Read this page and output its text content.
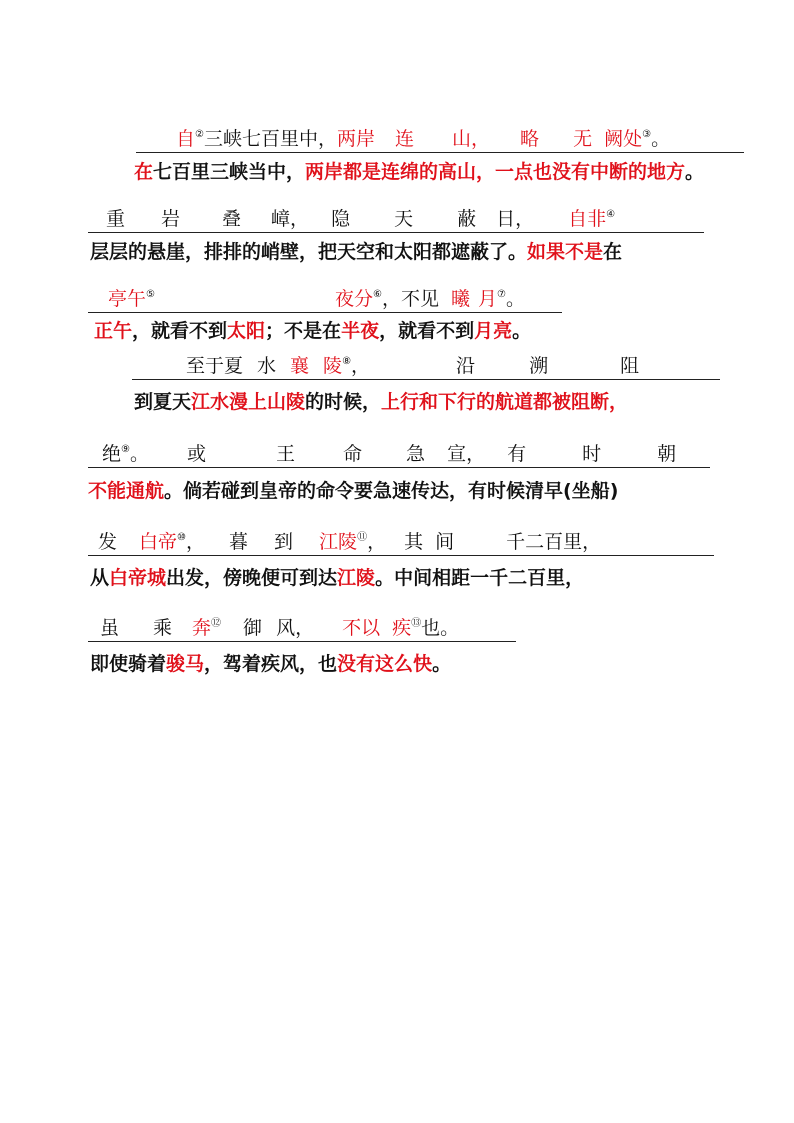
自②三峡七百里中，两岸 连 山， 略 无 阙处③。
在七百里三峡当中，两岸都是连绵的高山，一点也没有中断的地方。
重 岩 叠 嶂， 隐 天 蔽 日， 自非④
层层的悬崖，排排的峭壁，把天空和太阳都遮蔽了。如果不是在
亭午⑤	夜分⑥，不见 曦 月⑦。
正午，就看不到太阳；不是在半夜，就看不到月亮。
至于夏 水 襄 陵⑧，	沿	溯	阻
到夏天江水漫上山陵的时候，上行和下行的航道都被阻断，
绝⑨。 或	王	命 急 宣， 有	时	朝
不能通航。倘若碰到皇帝的命令要急速传达，有时候清早(坐船)
发 白帝⑩， 暮 到 江陵⑪， 其 间	千二百里，
从白帝城出发，傍晚便可到达江陵。中间相距一千二百里，
虽 乘 奔⑫ 御 风， 不以 疾⑬也。
即使骑着骏马，驾着疾风，也没有这么快。
